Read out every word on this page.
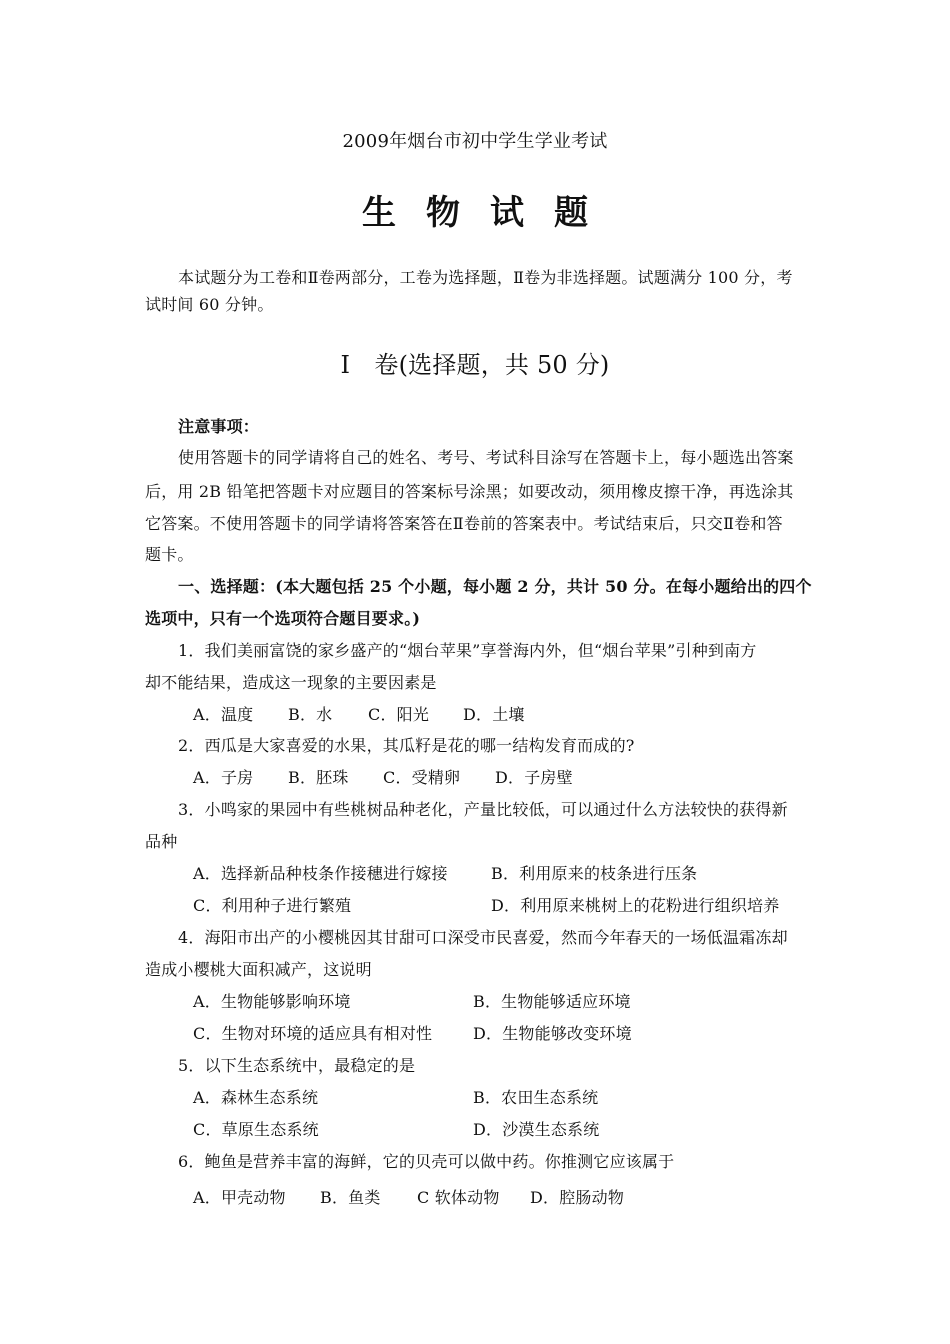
2009年烟台市初中学生学业考试
生物试题
本试题分为工卷和Ⅱ卷两部分，工卷为选择题，Ⅱ卷为非选择题。试题满分 100 分，考
试时间 60 分钟。
Ⅰ　卷(选择题，共 50 分)
注意事项：
使用答题卡的同学请将自己的姓名、考号、考试科目涂写在答题卡上，每小题选出答案
后，用 2B 铅笔把答题卡对应题目的答案标号涂黑；如要改动，须用橡皮擦干净，再选涂其
它答案。不使用答题卡的同学请将答案答在Ⅱ卷前的答案表中。考试结束后，只交Ⅱ卷和答
题卡。
一、选择题：(本大题包括 25 个小题，每小题 2 分，共计 50 分。在每小题给出的四个
选项中，只有一个选项符合题目要求。)
1．我们美丽富饶的家乡盛产的“烟台苹果”享誉海内外，但“烟台苹果”引种到南方
却不能结果，造成这一现象的主要因素是
A．温度 B．水 C．阳光 D．土壤
2．西瓜是大家喜爱的水果，其瓜籽是花的哪一结构发育而成的?
A．子房 B．胚珠 C．受精卵 D．子房壁
3．小鸣家的果园中有些桃树品种老化，产量比较低，可以通过什么方法较快的获得新
品种
A．选择新品种枝条作接穗进行嫁接	B．利用原来的枝条进行压条
C．利用种子进行繁殖	D．利用原来桃树上的花粉进行组织培养
4．海阳市出产的小樱桃因其甘甜可口深受市民喜爱，然而今年春天的一场低温霜冻却
造成小樱桃大面积减产，这说明
A．生物能够影响环境	B．生物能够适应环境
C．生物对环境的适应具有相对性	D．生物能够改变环境
5．以下生态系统中，最稳定的是
A．森林生态系统	B．农田生态系统
C．草原生态系统	D．沙漠生态系统
6．鲍鱼是营养丰富的海鲜，它的贝壳可以做中药。你推测它应该属于
A．甲壳动物 B．鱼类 C 软体动物 D．腔肠动物
